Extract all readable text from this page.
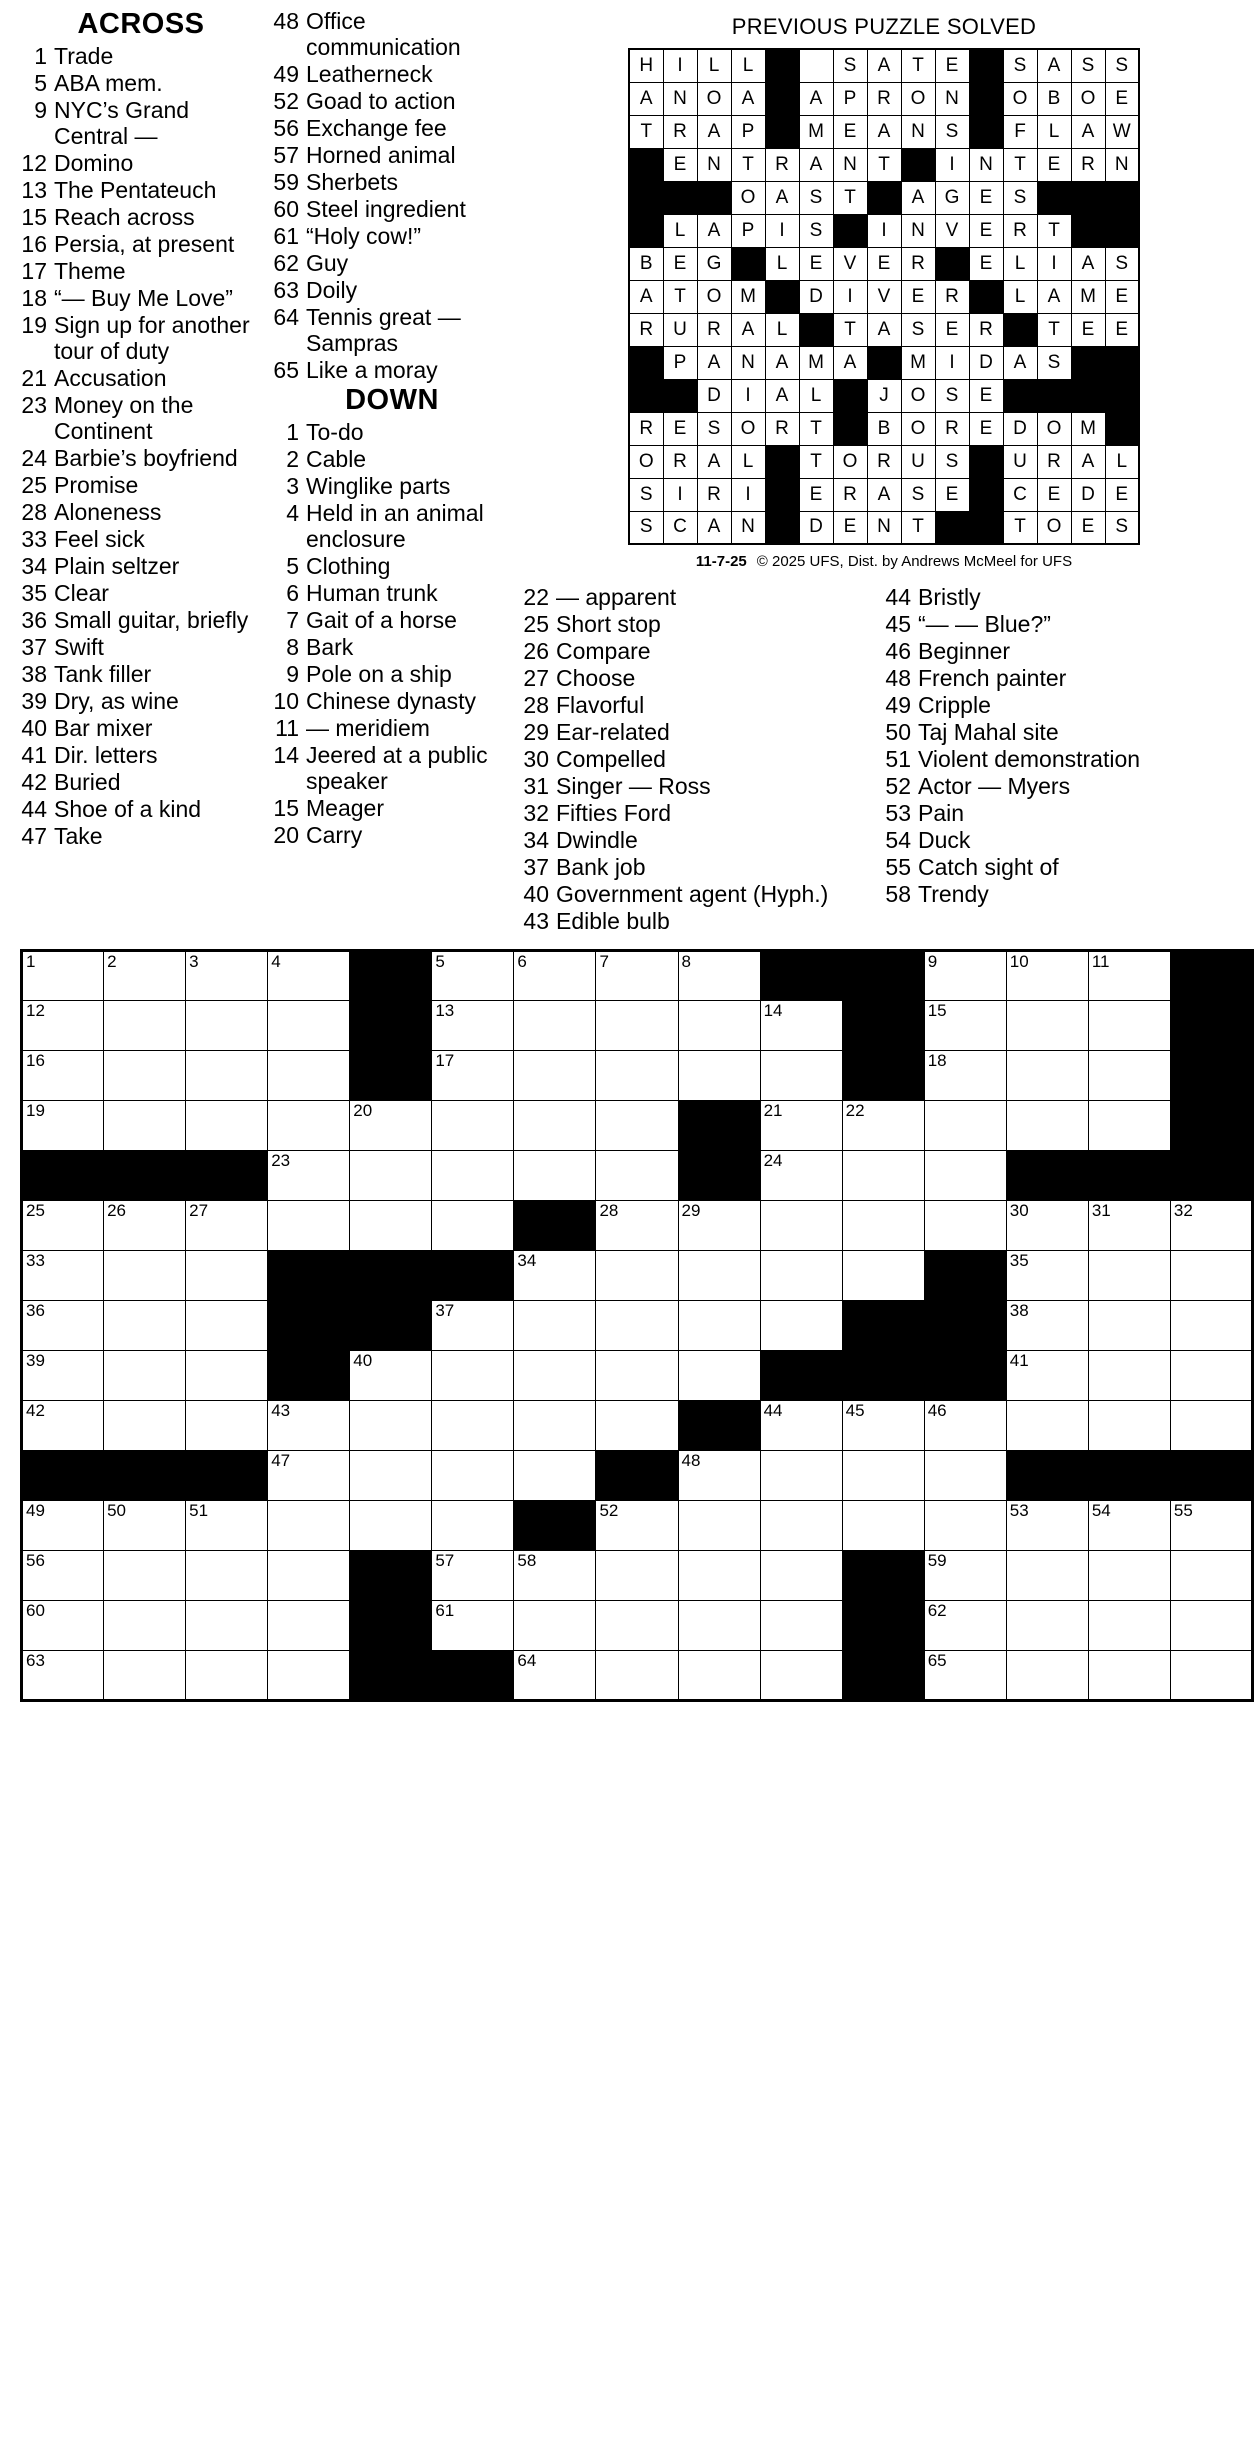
ACROSS
1 Trade
5 ABA mem.
9 NYC’s Grand Central —
12 Domino
13 The Pentateuch
15 Reach across
16 Persia, at present
17 Theme
18 “— Buy Me Love”
19 Sign up for another tour of duty
21 Accusation
23 Money on the Continent
24 Barbie’s boyfriend
25 Promise
28 Aloneness
33 Feel sick
34 Plain seltzer
35 Clear
36 Small guitar, briefly
37 Swift
38 Tank filler
39 Dry, as wine
40 Bar mixer
41 Dir. letters
42 Buried
44 Shoe of a kind
47 Take
48 Office communication
49 Leatherneck
52 Goad to action
56 Exchange fee
57 Horned animal
59 Sherbets
60 Steel ingredient
61 “Holy cow!”
62 Guy
63 Doily
64 Tennis great — Sampras
65 Like a moray
DOWN
1 To-do
2 Cable
3 Winglike parts
4 Held in an animal enclosure
5 Clothing
6 Human trunk
7 Gait of a horse
8 Bark
9 Pole on a ship
10 Chinese dynasty
11 — meridiem
14 Jeered at a public speaker
15 Meager
20 Carry
PREVIOUS PUZZLE SOLVED
H	I	L	L			S	A	T	E		S	A	S	S
A	N	O	A		A	P	R	O	N		O	B	O	E
T	R	A	P		M	E	A	N	S		F	L	A	W
	E	N	T	R	A	N	T		I	N	T	E	R	N
			O	A	S	T		A	G	E	S			
	L	A	P	I	S		I	N	V	E	R	T		
B	E	G		L	E	V	E	R		E	L	I	A	S
A	T	O	M		D	I	V	E	R		L	A	M	E
R	U	R	A	L		T	A	S	E	R		T	E	E
	P	A	N	A	M	A		M	I	D	A	S		
		D	I	A	L		J	O	S	E				
R	E	S	O	R	T		B	O	R	E	D	O	M	
O	R	A	L		T	O	R	U	S		U	R	A	L
S	I	R	I		E	R	A	S	E		C	E	D	E
S	C	A	N		D	E	N	T			T	O	E	S
11-7-25 © 2025 UFS, Dist. by Andrews McMeel for UFS
22 — apparent
25 Short stop
26 Compare
27 Choose
28 Flavorful
29 Ear-related
30 Compelled
31 Singer — Ross
32 Fifties Ford
34 Dwindle
37 Bank job
40 Government agent (Hyph.)
43 Edible bulb
44 Bristly
45 “— — Blue?”
46 Beginner
48 French painter
49 Cripple
50 Taj Mahal site
51 Violent demonstration
52 Actor — Myers
53 Pain
54 Duck
55 Catch sight of
58 Trendy
1	2	3	4		5	6	7	8			9	10	11	

12					13				14		15			

16					17						18			

19				20					21	22				

			23						24					

25	26	27					28	29				30	31	32

33						34						35		

36					37							38		

39				40								41		

42			43						44	45	46			

			47					48						

49	50	51					52					53	54	55

56					57	58					59			

60					61						62			

63						64					65			
